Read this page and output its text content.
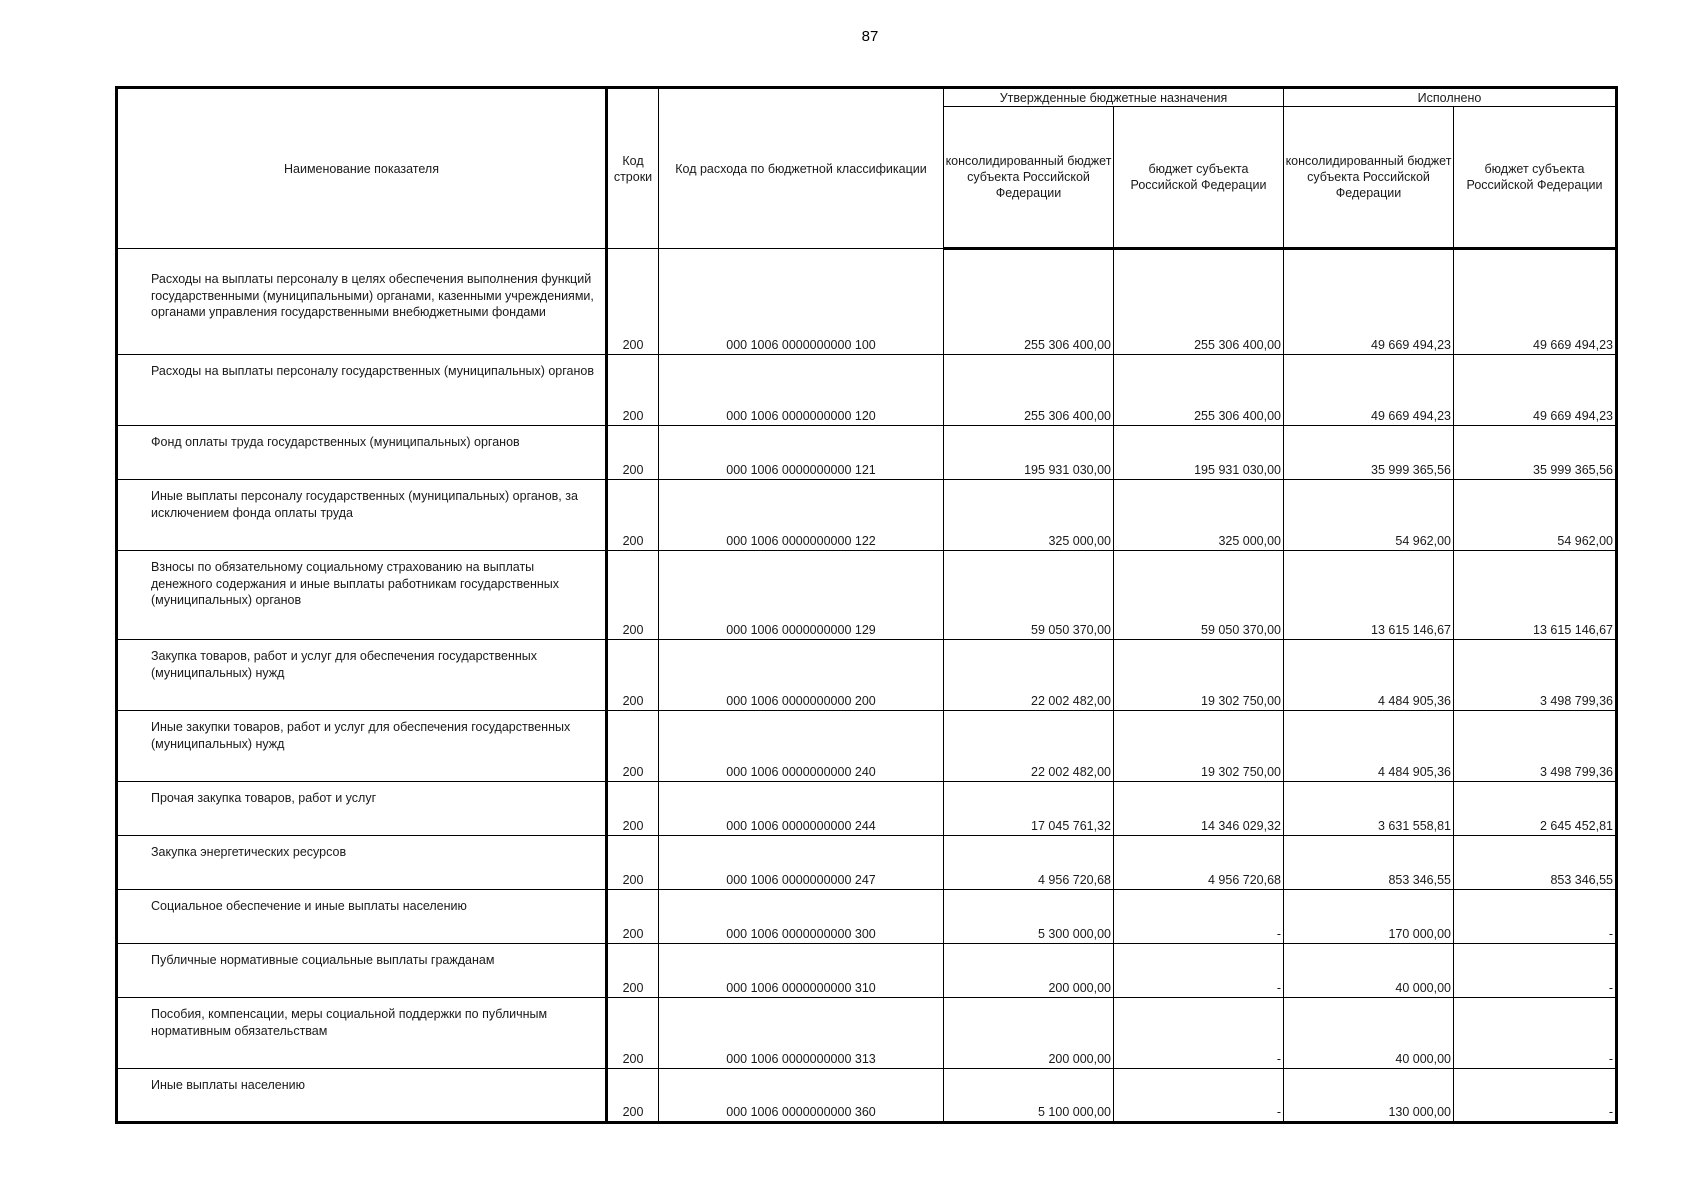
87
Наименование показателя	Код строки	Код расхода по бюджетной классификации	Утвержденные бюджетные назначения		Исполнено	
			консолидированный бюджет субъекта Российской Федерации	бюджет субъекта Российской Федерации	консолидированный бюджет субъекта Российской Федерации	бюджет субъекта Российской Федерации
Расходы на выплаты персоналу в целях обеспечения выполнения функций государственными (муниципальными) органами, казенными учреждениями, органами управления государственными внебюджетными фондами	200	000 1006 0000000000 100	255 306 400,00	255 306 400,00	49 669 494,23	49 669 494,23
Расходы на выплаты персоналу государственных (муниципальных) органов	200	000 1006 0000000000 120	255 306 400,00	255 306 400,00	49 669 494,23	49 669 494,23
Фонд оплаты труда государственных (муниципальных) органов	200	000 1006 0000000000 121	195 931 030,00	195 931 030,00	35 999 365,56	35 999 365,56
Иные выплаты персоналу государственных (муниципальных) органов, за исключением фонда оплаты труда	200	000 1006 0000000000 122	325 000,00	325 000,00	54 962,00	54 962,00
Взносы по обязательному социальному страхованию на выплаты денежного содержания и иные выплаты работникам государственных (муниципальных) органов	200	000 1006 0000000000 129	59 050 370,00	59 050 370,00	13 615 146,67	13 615 146,67
Закупка товаров, работ и услуг для обеспечения государственных (муниципальных) нужд	200	000 1006 0000000000 200	22 002 482,00	19 302 750,00	4 484 905,36	3 498 799,36
Иные закупки товаров, работ и услуг для обеспечения государственных (муниципальных) нужд	200	000 1006 0000000000 240	22 002 482,00	19 302 750,00	4 484 905,36	3 498 799,36
Прочая закупка товаров, работ и услуг	200	000 1006 0000000000 244	17 045 761,32	14 346 029,32	3 631 558,81	2 645 452,81
Закупка энергетических ресурсов	200	000 1006 0000000000 247	4 956 720,68	4 956 720,68	853 346,55	853 346,55
Социальное обеспечение и иные выплаты населению	200	000 1006 0000000000 300	5 300 000,00	-	170 000,00	-
Публичные нормативные социальные выплаты гражданам	200	000 1006 0000000000 310	200 000,00	-	40 000,00	-
Пособия, компенсации, меры социальной поддержки по публичным нормативным обязательствам	200	000 1006 0000000000 313	200 000,00	-	40 000,00	-
Иные выплаты населению	200	000 1006 0000000000 360	5 100 000,00	-	130 000,00	-
